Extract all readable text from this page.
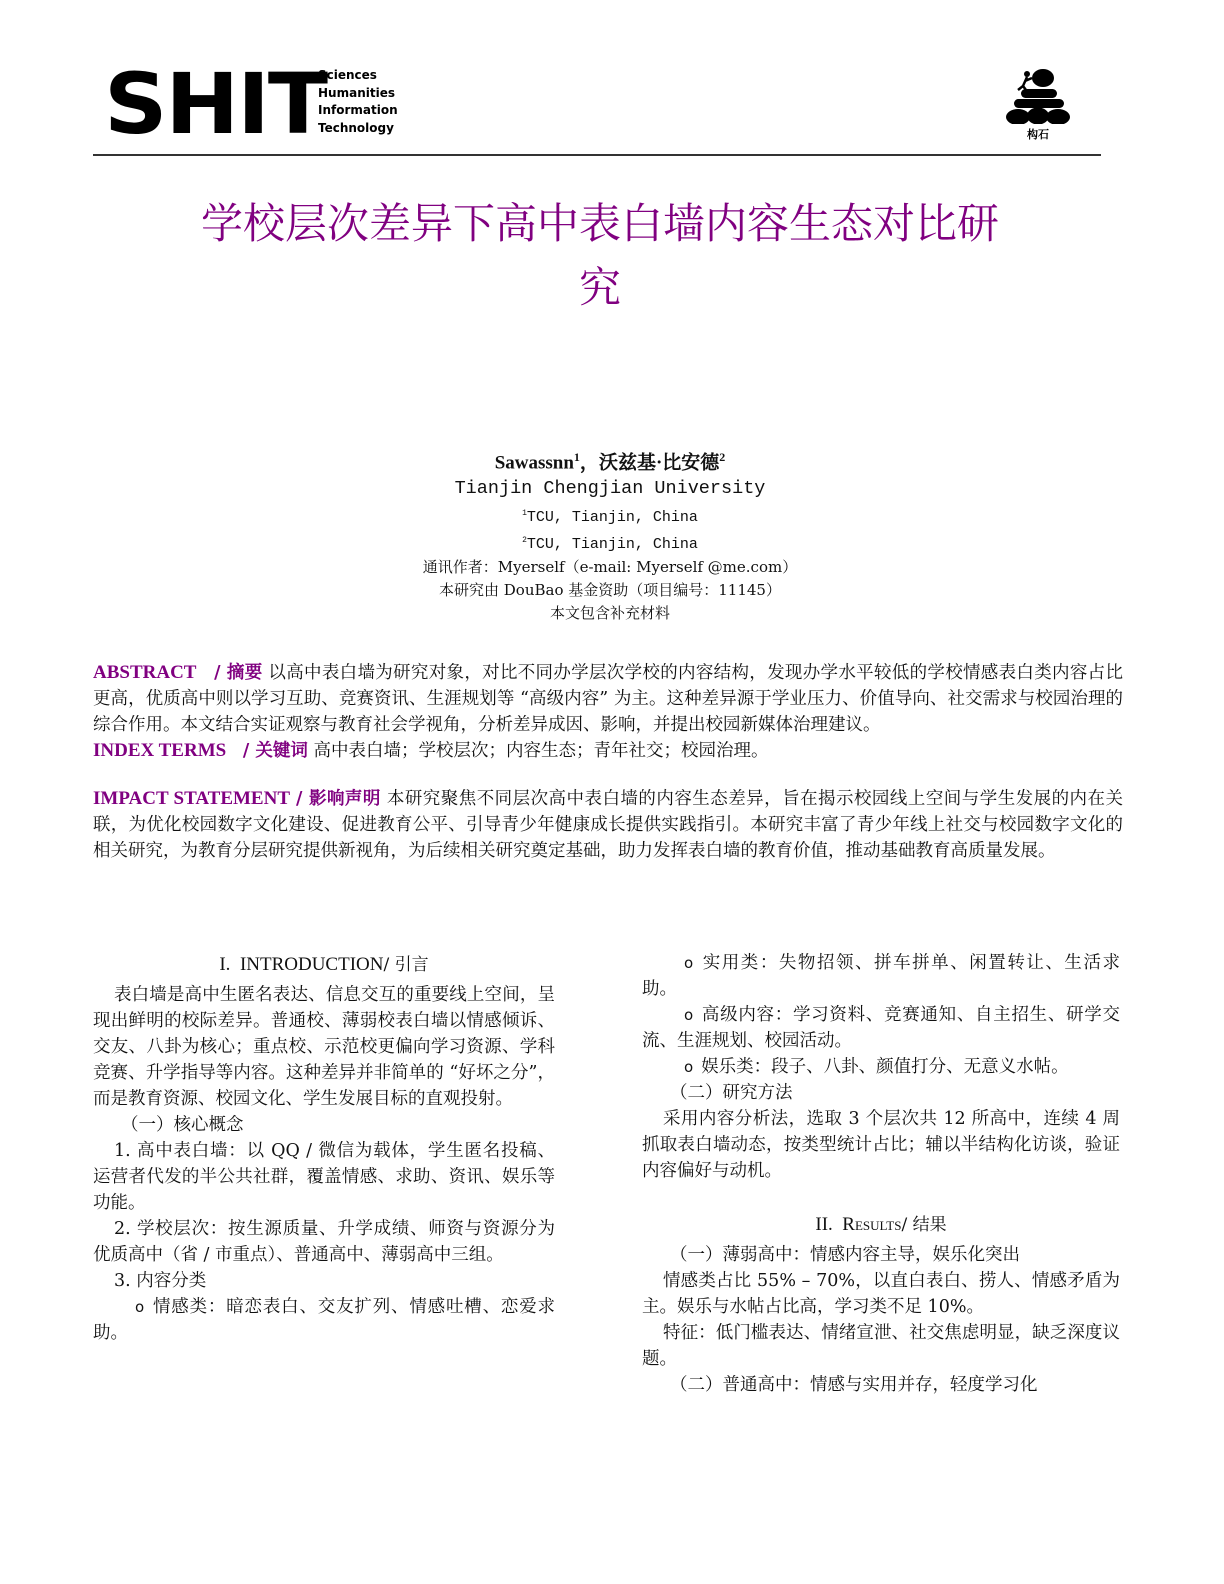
SHIT
Sciences
Humanities
Information
Technology	构石
学校层次差异下高中表白墙内容生态对比研
究
Sawassnn$^1$，沃兹基·比安德$^2$
Tianjin Chengjian University
$^1$TCU, Tianjin, China
$^2$TCU, Tianjin, China
通讯作者：Myerself（e-mail: Myerself @me.com）
本研究由 DouBao 基金资助（项目编号：11145）
本文包含补充材料

ABSTRACT / 摘要 以高中表白墙为研究对象，对比不同办学层次学校的内容结构，发现办学水平较低的学校情感表白类内容占比更高，优质高中则以学习互助、竞赛资讯、生涯规划等 “高级内容” 为主。这种差异源于学业压力、价值导向、社交需求与校园治理的综合作用。本文结合实证观察与教育社会学视角，分析差异成因、影响，并提出校园新媒体治理建议。

INDEX TERMS / 关键词 高中表白墙；学校层次；内容生态；青年社交；校园治理。

IMPACT STATEMENT / 影响声明 本研究聚焦不同层次高中表白墙的内容生态差异，旨在揭示校园线上空间与学生发展的内在关联，为优化校园数字文化建设、促进教育公平、引导青少年健康成长提供实践指引。本研究丰富了青少年线上社交与校园数字文化的相关研究，为教育分层研究提供新视角，为后续相关研究奠定基础，助力发挥表白墙的教育价值，推动基础教育高质量发展。

I. INTRODUCTION/ 引言

表白墙是高中生匿名表达、信息交互的重要线上空间，呈现出鲜明的校际差异。普通校、薄弱校表白墙以情感倾诉、交友、八卦为核心；重点校、示范校更偏向学习资源、学科竞赛、升学指导等内容。这种差异并非简单的 “好坏之分”，而是教育资源、校园文化、学生发展目标的直观投射。

（一）核心概念

1. 高中表白墙：以 QQ / 微信为载体，学生匿名投稿、运营者代发的半公共社群，覆盖情感、求助、资讯、娱乐等功能。

2. 学校层次：按生源质量、升学成绩、师资与资源分为优质高中（省 / 市重点）、普通高中、薄弱高中三组。

3. 内容分类

o 情感类：暗恋表白、交友扩列、情感吐槽、恋爱求助。

o 实用类：失物招领、拼车拼单、闲置转让、生活求助。

o 高级内容：学习资料、竞赛通知、自主招生、研学交流、生涯规划、校园活动。

o 娱乐类：段子、八卦、颜值打分、无意义水帖。

（二）研究方法

采用内容分析法，选取 3 个层次共 12 所高中，连续 4 周抓取表白墙动态，按类型统计占比；辅以半结构化访谈，验证内容偏好与动机。

II. Results/ 结果

（一）薄弱高中：情感内容主导，娱乐化突出

情感类占比 55% – 70%，以直白表白、捞人、情感矛盾为主。娱乐与水帖占比高，学习类不足 10%。

特征：低门槛表达、情绪宣泄、社交焦虑明显，缺乏深度议题。

（二）普通高中：情感与实用并存，轻度学习化
